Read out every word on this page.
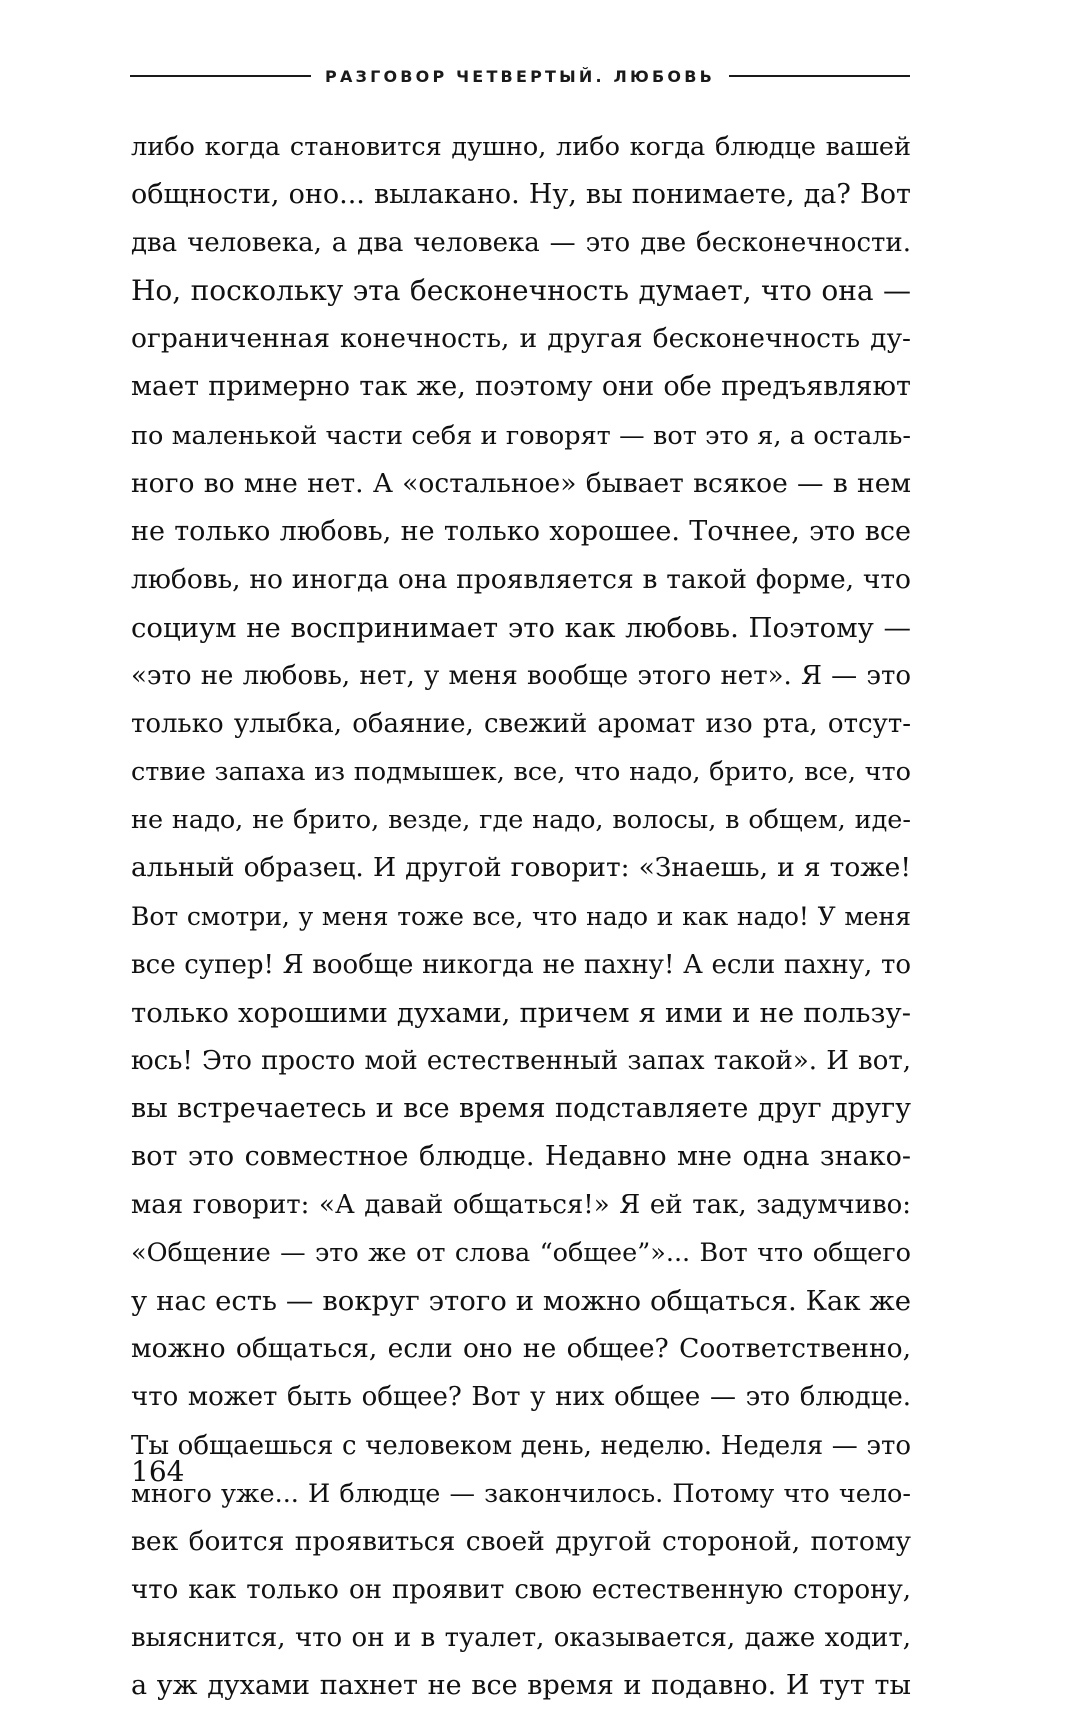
РАЗГОВОР ЧЕТВЕРТЫЙ. ЛЮБОВЬ
либо когда становится душно, либо когда блюдце вашей
общности, оно... вылакано. Ну, вы понимаете, да? Вот
два человека, а два человека — это две бесконечности.
Но, поскольку эта бесконечность думает, что она —
ограниченная конечность, и другая бесконечность ду-
мает примерно так же, поэтому они обе предъявляют
по маленькой части себя и говорят — вот это я, а осталь-
ного во мне нет. А «остальное» бывает всякое — в нем
не только любовь, не только хорошее. Точнее, это все
любовь, но иногда она проявляется в такой форме, что
социум не воспринимает это как любовь. Поэтому —
«это не любовь, нет, у меня вообще этого нет». Я — это
только улыбка, обаяние, свежий аромат изо рта, отсут-
ствие запаха из подмышек, все, что надо, брито, все, что
не надо, не брито, везде, где надо, волосы, в общем, иде-
альный образец. И другой говорит: «Знаешь, и я тоже!
Вот смотри, у меня тоже все, что надо и как надо! У меня
все супер! Я вообще никогда не пахну! А если пахну, то
только хорошими духами, причем я ими и не пользу-
юсь! Это просто мой естественный запах такой». И вот,
вы встречаетесь и все время подставляете друг другу
вот это совместное блюдце. Недавно мне одна знако-
мая говорит: «А давай общаться!» Я ей так, задумчиво:
«Общение — это же от слова “общее”»... Вот что общего
у нас есть — вокруг этого и можно общаться. Как же
можно общаться, если оно не общее? Соответственно,
что может быть общее? Вот у них общее — это блюдце.
Ты общаешься с человеком день, неделю. Неделя — это
много уже... И блюдце — закончилось. Потому что чело-
век боится проявиться своей другой стороной, потому
что как только он проявит свою естественную сторону,
выяснится, что он и в туалет, оказывается, даже ходит,
а уж духами пахнет не все время и подавно. И тут ты
164
